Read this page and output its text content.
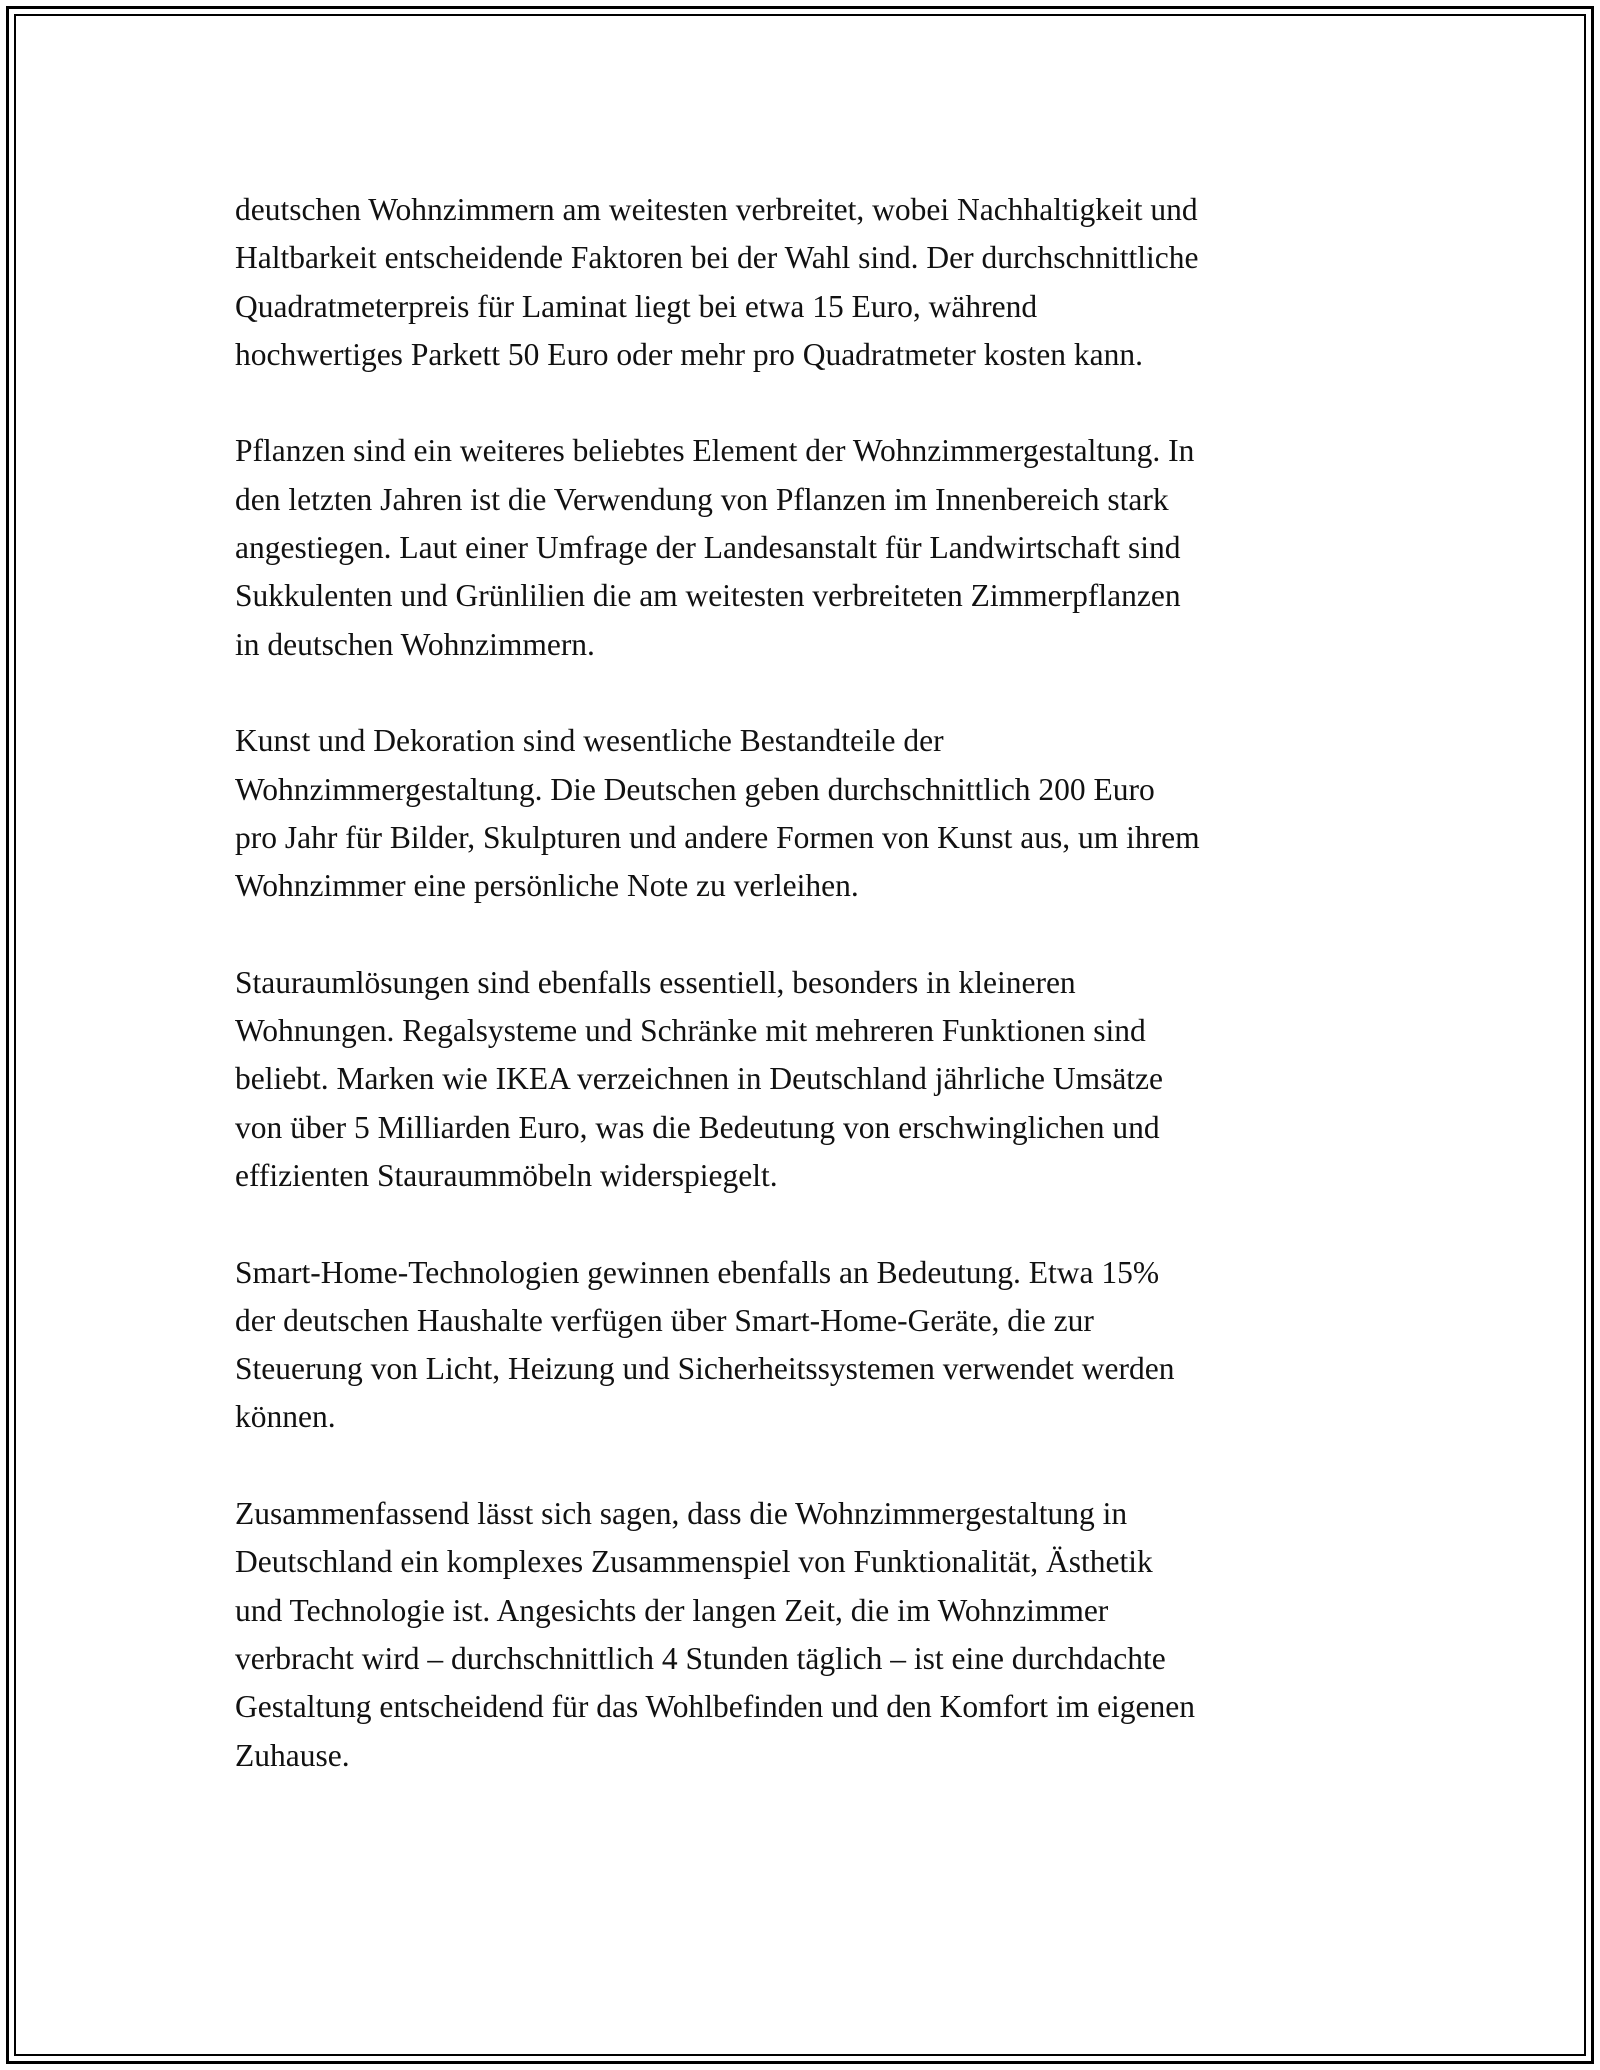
deutschen Wohnzimmern am weitesten verbreitet, wobei Nachhaltigkeit und
Haltbarkeit entscheidende Faktoren bei der Wahl sind. Der durchschnittliche
Quadratmeterpreis für Laminat liegt bei etwa 15 Euro, während
hochwertiges Parkett 50 Euro oder mehr pro Quadratmeter kosten kann.

Pflanzen sind ein weiteres beliebtes Element der Wohnzimmergestaltung. In
den letzten Jahren ist die Verwendung von Pflanzen im Innenbereich stark
angestiegen. Laut einer Umfrage der Landesanstalt für Landwirtschaft sind
Sukkulenten und Grünlilien die am weitesten verbreiteten Zimmerpflanzen
in deutschen Wohnzimmern.

Kunst und Dekoration sind wesentliche Bestandteile der
Wohnzimmergestaltung. Die Deutschen geben durchschnittlich 200 Euro
pro Jahr für Bilder, Skulpturen und andere Formen von Kunst aus, um ihrem
Wohnzimmer eine persönliche Note zu verleihen.

Stauraumlösungen sind ebenfalls essentiell, besonders in kleineren
Wohnungen. Regalsysteme und Schränke mit mehreren Funktionen sind
beliebt. Marken wie IKEA verzeichnen in Deutschland jährliche Umsätze
von über 5 Milliarden Euro, was die Bedeutung von erschwinglichen und
effizienten Stauraummöbeln widerspiegelt.

Smart-Home-Technologien gewinnen ebenfalls an Bedeutung. Etwa 15%
der deutschen Haushalte verfügen über Smart-Home-Geräte, die zur
Steuerung von Licht, Heizung und Sicherheitssystemen verwendet werden
können.

Zusammenfassend lässt sich sagen, dass die Wohnzimmergestaltung in
Deutschland ein komplexes Zusammenspiel von Funktionalität, Ästhetik
und Technologie ist. Angesichts der langen Zeit, die im Wohnzimmer
verbracht wird – durchschnittlich 4 Stunden täglich – ist eine durchdachte
Gestaltung entscheidend für das Wohlbefinden und den Komfort im eigenen
Zuhause.
